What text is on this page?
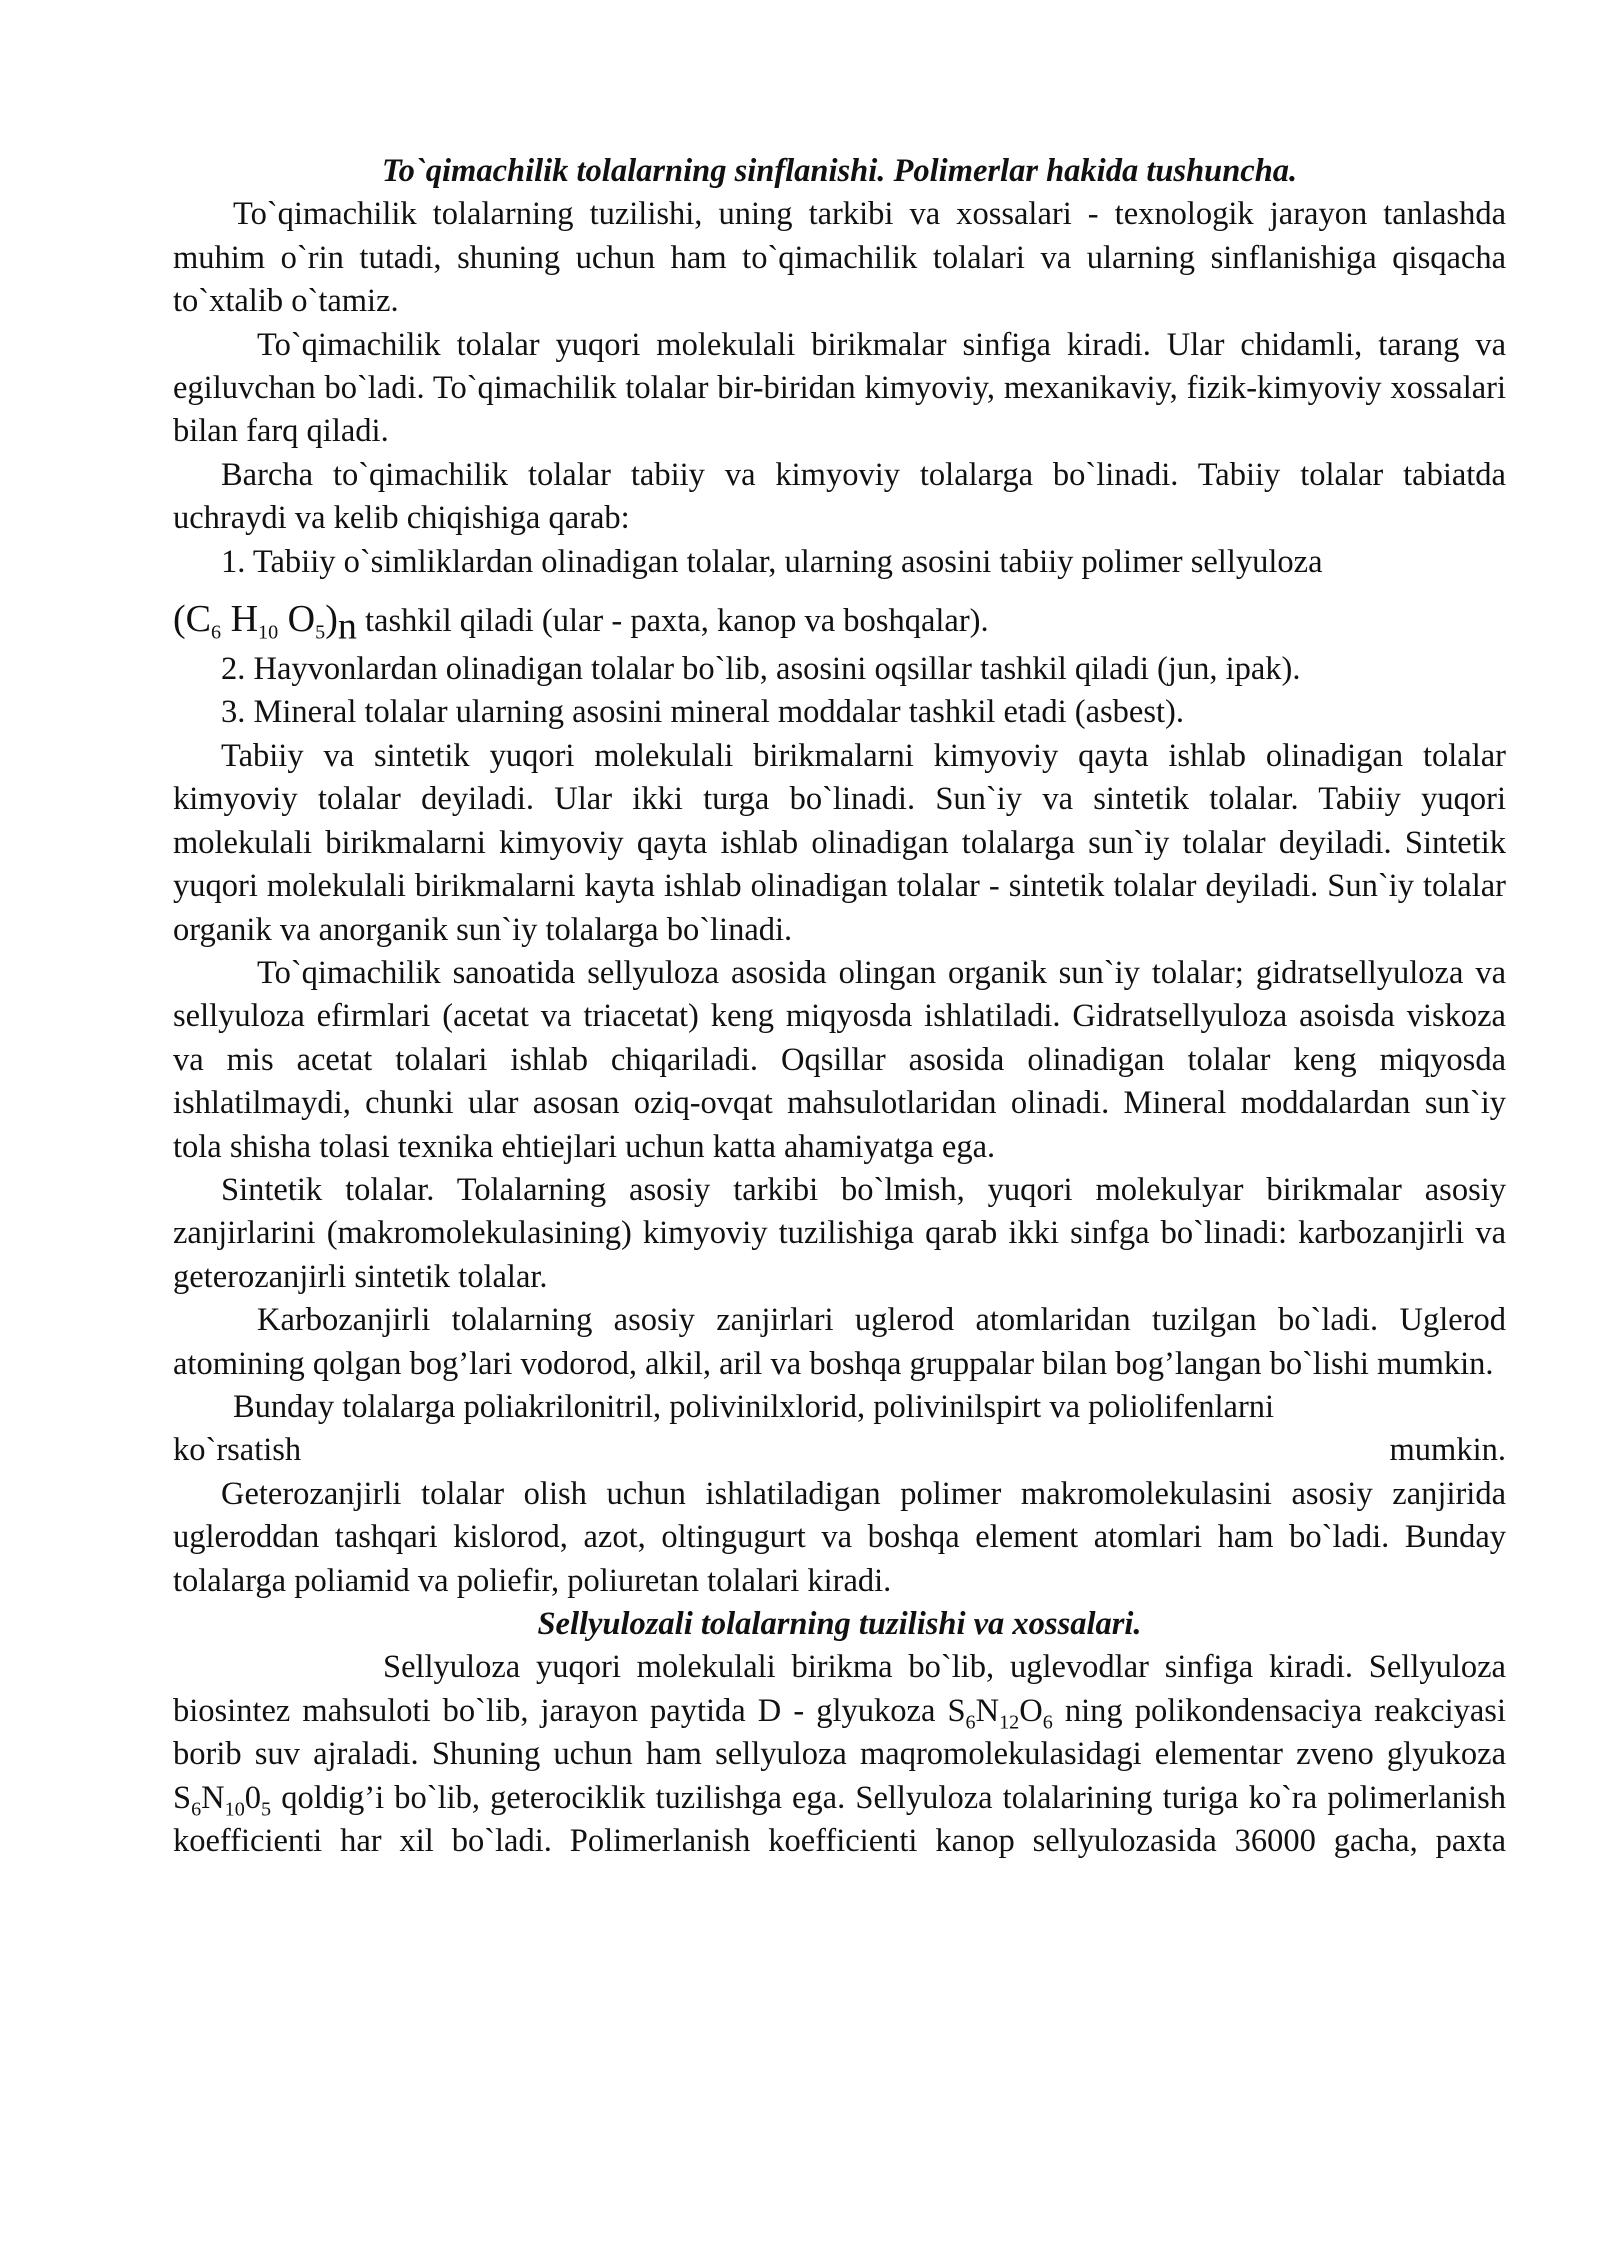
To`qimachilik tolalarning sinflanishi. Polimerlar hakida tushuncha.
To`qimachilik tolalarning tuzilishi, uning tarkibi va xossalari - texnologik jarayon tanlashda muhim o`rin tutadi, shuning uchun ham to`qimachilik tolalari va ularning sinflanishiga qisqacha to`xtalib o`tamiz.
To`qimachilik tolalar yuqori molekulali birikmalar sinfiga kiradi. Ular chidamli, tarang va egiluvchan bo`ladi. To`qimachilik tolalar bir-biridan kimyoviy, mexanikaviy, fizik-kimyoviy xossalari bilan farq qiladi.
Barcha to`qimachilik tolalar tabiiy va kimyoviy tolalarga bo`linadi. Tabiiy tolalar tabiatda uchraydi va kelib chiqishiga qarab:
1. Tabiiy o`simliklardan olinadigan tolalar, ularning asosini tabiiy polimer sellyuloza
($C_6$ $H_{10}$ $O_5)_n$ tashkil qiladi (ular - paxta, kanop va boshqalar).
2. Hayvonlardan olinadigan tolalar bo`lib, asosini oqsillar tashkil qiladi (jun, ipak).
3. Mineral tolalar ularning asosini mineral moddalar tashkil etadi (asbest).
Tabiiy va sintetik yuqori molekulali birikmalarni kimyoviy qayta ishlab olinadigan tolalar kimyoviy tolalar deyiladi. Ular ikki turga bo`linadi. Sun`iy va sintetik tolalar. Tabiiy yuqori molekulali birikmalarni kimyoviy qayta ishlab olinadigan tolalarga sun`iy tolalar deyiladi. Sintetik yuqori molekulali birikmalarni kayta ishlab olinadigan tolalar - sintetik tolalar deyiladi. Sun`iy tolalar organik va anorganik sun`iy tolalarga bo`linadi.
To`qimachilik sanoatida sellyuloza asosida olingan organik sun`iy tolalar; gidratsellyuloza va sellyuloza efirmlari (acetat va triacetat) keng miqyosda ishlatiladi. Gidratsellyuloza asoisda viskoza va mis acetat tolalari ishlab chiqariladi. Oqsillar asosida olinadigan tolalar keng miqyosda ishlatilmaydi, chunki ular asosan oziq-ovqat mahsulotlaridan olinadi. Mineral moddalardan sun`iy tola shisha tolasi texnika ehtiejlari uchun katta ahamiyatga ega.
Sintetik tolalar. Tolalarning asosiy tarkibi bo`lmish, yuqori molekulyar birikmalar asosiy zanjirlarini (makromolekulasining) kimyoviy tuzilishiga qarab ikki sinfga bo`linadi: karbozanjirli va geterozanjirli sintetik tolalar.
Karbozanjirli tolalarning asosiy zanjirlari uglerod atomlaridan tuzilgan bo`ladi. Uglerod atomining qolgan bog’lari vodorod, alkil, aril va boshqa gruppalar bilan bog’langan bo`lishi mumkin.
Bunday tolalarga poliakrilonitril, polivinilxlorid, polivinilspirt va poliolifenlarni
ko`rsatish	mumkin.
Geterozanjirli tolalar olish uchun ishlatiladigan polimer makromolekulasini asosiy zanjirida ugleroddan tashqari kislorod, azot, oltingugurt va boshqa element atomlari ham bo`ladi. Bunday tolalarga poliamid va poliefir, poliuretan tolalari kiradi.
Sellyulozali tolalarning tuzilishi va xossalari.
Sellyuloza yuqori molekulali birikma bo`lib, uglevodlar sinfiga kiradi. Sellyuloza biosintez mahsuloti bo`lib, jarayon paytida D - glyukoza $S_6N_{12}O_6$ ning polikondensaciya reakciyasi borib suv ajraladi. Shuning uchun ham sellyuloza maqromolekulasidagi elementar zveno glyukoza $S_6N_{10}0_5$ qoldig’i bo`lib, geterociklik tuzilishga ega. Sellyuloza tolalarining turiga ko`ra polimerlanish koefficienti har xil bo`ladi. Polimerlanish koefficienti kanop sellyulozasida 36000 gacha, paxta
